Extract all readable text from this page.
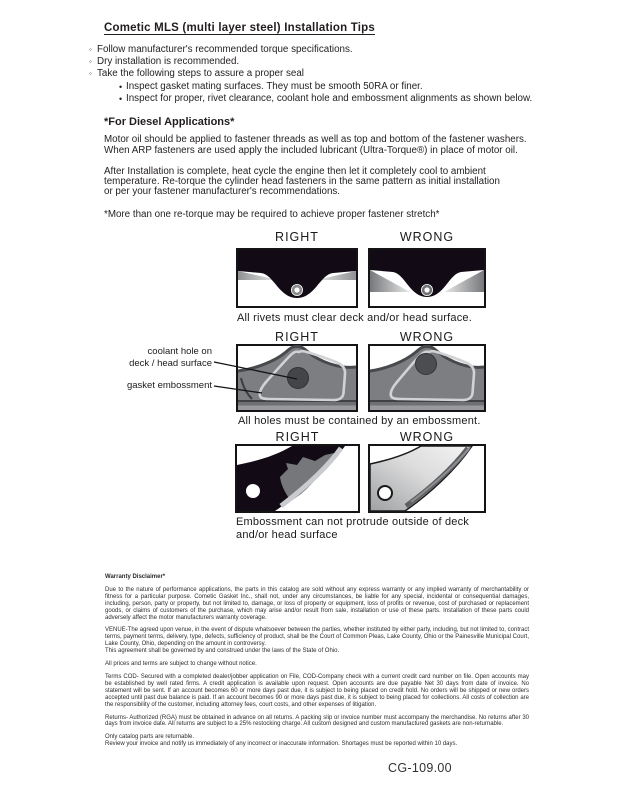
Cometic MLS (multi layer steel) Installation Tips
◦ Follow manufacturer's recommended torque specifications.
◦ Dry installation is recommended.
◦ Take the following steps to assure a proper seal
• Inspect gasket mating surfaces. They must be smooth 50RA or finer.
• Inspect for proper, rivet clearance, coolant hole and embossment alignments as shown below.
*For Diesel Applications*
Motor oil should be applied to fastener threads as well as top and bottom of the fastener washers.
When ARP fasteners are used apply the included lubricant (Ultra-Torque®) in place of motor oil.
After Installation is complete, heat cycle the engine then let it completely cool to ambient
temperature. Re-torque the cylinder head fasteners in the same pattern as initial installation
or per your fastener manufacturer's recommendations.
*More than one re-torque may be required to achieve proper fastener stretch*
RIGHT	WRONG
All rivets must clear deck and/or head surface.
RIGHT	WRONG
coolant hole on
deck / head surface
gasket embossment
All holes must be contained by an embossment.
RIGHT	WRONG
Embossment can not protrude outside of deck
and/or head surface
Warranty Disclaimer*
Due to the nature of performance applications, the parts in this catalog are sold without any express warranty or any implied warranty of merchantability or fitness for a particular purpose. Cometic Gasket Inc., shall not, under any circumstances, be liable for any special, incidental or consequential damages, including, person, party or property, but not limited to, damage, or loss of property or equipment, loss of profits or revenue, cost of purchased or replacement goods, or claims of customers of the purchase, which may arise and/or result from sale, installation or use of these parts. Installation of these parts could adversely affect the motor manufacturers warranty coverage.
VENUE-The agreed upon venue, in the event of dispute whatsoever between the parties, whether instituted by either party, including, but not limited to, contract terms, payment terms, delivery, type, defects, sufficiency of product, shall be the Court of Common Pleas, Lake County, Ohio or the Painesville Municipal Court, Lake County, Ohio, depending on the amount in controversy.
This agreement shall be governed by and construed under the laws of the State of Ohio.
All prices and terms are subject to change without notice.
Terms COD- Secured with a completed dealer/jobber application on File, COD-Company check with a current credit card number on file. Open accounts may be established by well rated firms. A credit application is available upon request. Open accounts are due payable Net 30 days from date of invoice. No statement will be sent. If an account becomes 60 or more days past due, it is subject to being placed on credit hold. No orders will be shipped or new orders accepted until past due balance is paid. If an account becomes 90 or more days past due, it is subject to being placed for collections. All costs of collection are the responsibility of the customer, including attorney fees, court costs, and other expenses of litigation.
Returns- Authorized (RGA) must be obtained in advance on all returns. A packing slip or invoice number must accompany the merchandise. No returns after 30 days from invoice date. All returns are subject to a 25% restocking charge. All custom designed and custom manufactured gaskets are non-returnable.
Only catalog parts are returnable.
Review your invoice and notify us immediately of any incorrect or inaccurate information. Shortages must be reported within 10 days.
CG-109.00
